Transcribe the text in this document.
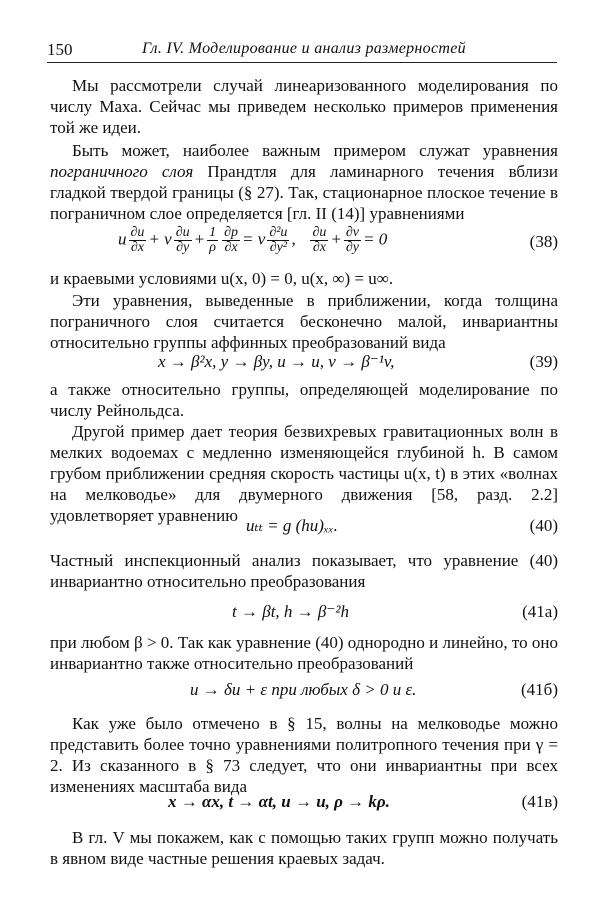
150	Гл. IV. Моделирование и анализ размерностей
Мы рассмотрели случай линеаризованного моделирования по числу Маха. Сейчас мы приведем несколько примеров применения той же идеи.
Быть может, наиболее важным примером служат уравнения пограничного слоя Прандтля для ламинарного течения вблизи гладкой твердой границы (§ 27). Так, стационарное плоское течение в пограничном слое определяется [гл. II (14)] уравнениями
u $\frac{\partial u}{\partial x} + v \frac{\partial u}{\partial y} + \frac{1}{\rho} \frac{\partial p}{\partial x} = \nu \frac{\text{∂²u}}{\text{∂y²}}$ , $\frac{\partial u}{\partial x} + \frac{\partial v}{\partial y} = 0$	(38)
и краевыми условиями u(x, 0) = 0, u(x, ∞) = u∞.
Эти уравнения, выведенные в приближении, когда толщина пограничного слоя считается бесконечно малой, инвариантны относительно группы аффинных преобразований вида
x → β²x, y → βy, u → u, v → β⁻¹v,	(39)
а также относительно группы, определяющей моделирование по числу Рейнольдса.
Другой пример дает теория безвихревых гравитационных волн в мелких водоемах с медленно изменяющейся глубиной h. В самом грубом приближении средняя скорость частицы u(x, t) в этих «волнах на мелководье» для двумерного движения [58, разд. 2.2] удовлетворяет уравнению
uₜₜ = g (hu)ₓₓ.	(40)
Частный инспекционный анализ показывает, что уравнение (40) инвариантно относительно преобразования
t → βt, h → β⁻²h	(41а)
при любом β > 0. Так как уравнение (40) однородно и линейно, то оно инвариантно также относительно преобразований
u → δu + ε при любых δ > 0 и ε.	(41б)
Как уже было отмечено в § 15, волны на мелководье можно представить более точно уравнениями политропного течения при γ = 2. Из сказанного в § 73 следует, что они инвариантны при всех изменениях масштаба вида
x → αx, t → αt, u → u, ρ → kρ.	(41в)
В гл. V мы покажем, как с помощью таких групп можно получать в явном виде частные решения краевых задач.
